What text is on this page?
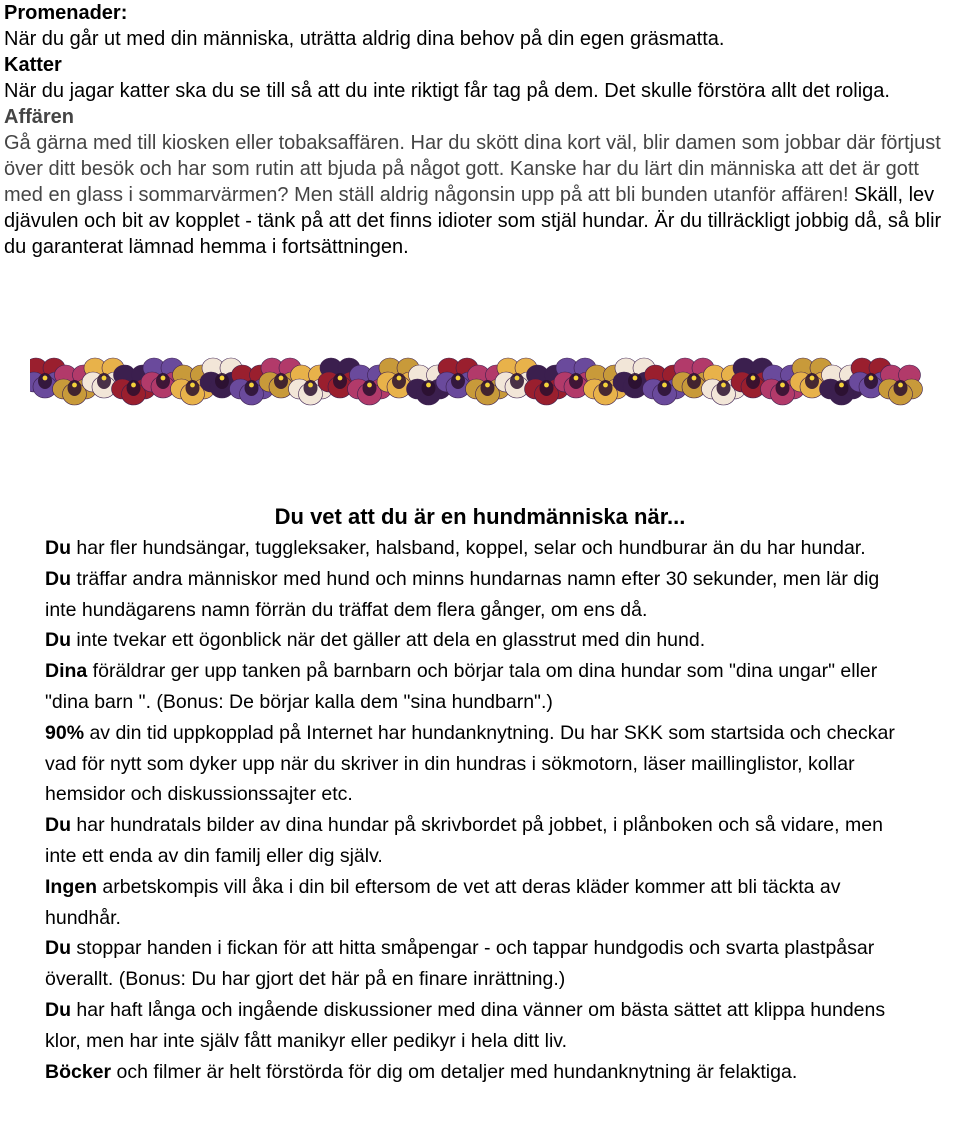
Promenader:
När du går ut med din människa, uträtta aldrig dina behov på din egen gräsmatta.
Katter
När du jagar katter ska du se till så att du inte riktigt får tag på dem. Det skulle förstöra allt det roliga.
Affären
Gå gärna med till kiosken eller tobaksaffären. Har du skött dina kort väl, blir damen som jobbar där förtjust över ditt besök och har som rutin att bjuda på något gott. Kanske har du lärt din människa att det är gott med en glass i sommarvärmen? Men ställ aldrig någonsin upp på att bli bunden utanför affären! Skäll, lev djävulen och bit av kopplet - tänk på att det finns idioter som stjäl hundar. Är du tillräckligt jobbig då, så blir du garanterat lämnad hemma i fortsättningen.
Du vet att du är en hundmänniska när...
Du har fler hundsängar, tuggleksaker, halsband, koppel, selar och hundburar än du har hundar.
Du träffar andra människor med hund och minns hundarnas namn efter 30 sekunder, men lär dig inte hundägarens namn förrän du träffat dem flera gånger, om ens då.
Du inte tvekar ett ögonblick när det gäller att dela en glasstrut med din hund.
Dina föräldrar ger upp tanken på barnbarn och börjar tala om dina hundar som "dina ungar" eller "dina barn ". (Bonus: De börjar kalla dem "sina hundbarn".)
90% av din tid uppkopplad på Internet har hundanknytning. Du har SKK som startsida och checkar vad för nytt som dyker upp när du skriver in din hundras i sökmotorn, läser maillinglistor, kollar hemsidor och diskussionssajter etc.
Du har hundratals bilder av dina hundar på skrivbordet på jobbet, i plånboken och så vidare, men inte ett enda av din familj eller dig själv.
Ingen arbetskompis vill åka i din bil eftersom de vet att deras kläder kommer att bli täckta av hundhår.
Du stoppar handen i fickan för att hitta småpengar - och tappar hundgodis och svarta plastpåsar överallt. (Bonus: Du har gjort det här på en finare inrättning.)
Du har haft långa och ingående diskussioner med dina vänner om bästa sättet att klippa hundens klor, men har inte själv fått manikyr eller pedikyr i hela ditt liv.
Böcker och filmer är helt förstörda för dig om detaljer med hundanknytning är felaktiga.
